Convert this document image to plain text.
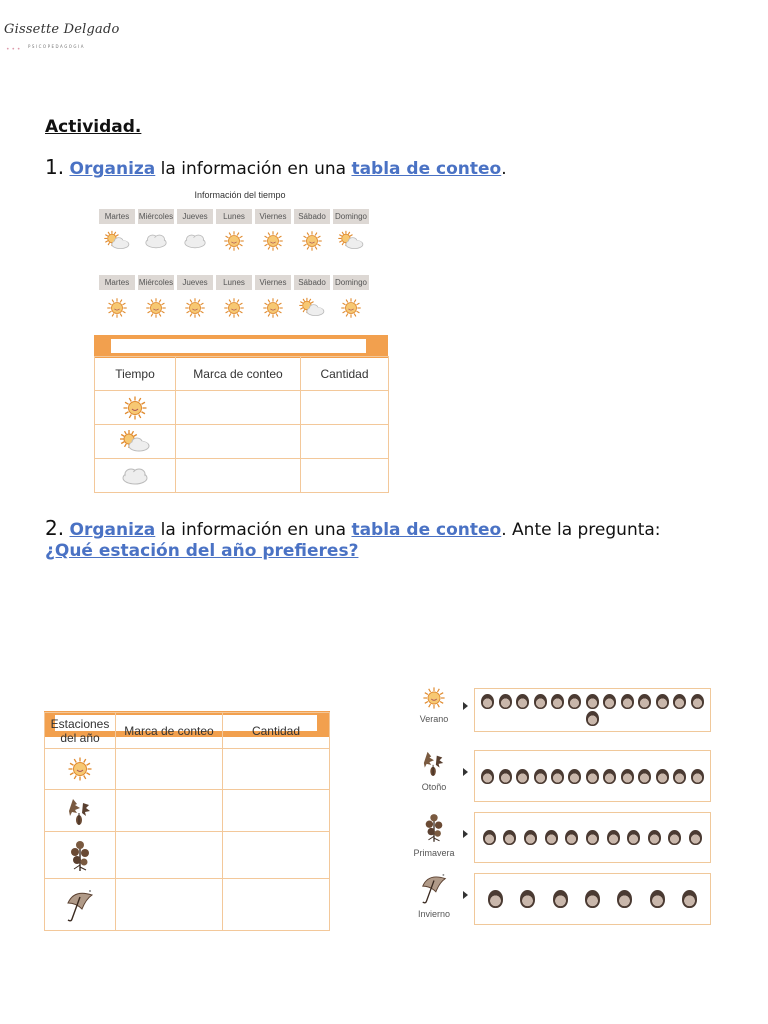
Gissette Delgado
• • • PSICOPEDAGOGIA
Actividad.
1. Organiza la información en una tabla de conteo.
Información del tiempo
Martes	Miércoles	Jueves	Lunes	Viernes	Sábado	Domingo
Martes	Miércoles	Jueves	Lunes	Viernes	Sábado	Domingo
Tiempo	Marca de conteo	Cantidad

2. Organiza la información en una tabla de conteo. Ante la pregunta:
¿Qué estación del año prefieres?
Estaciones del año	Marca de conteo	Cantidad

Verano
Otoño
Primavera
Invierno
